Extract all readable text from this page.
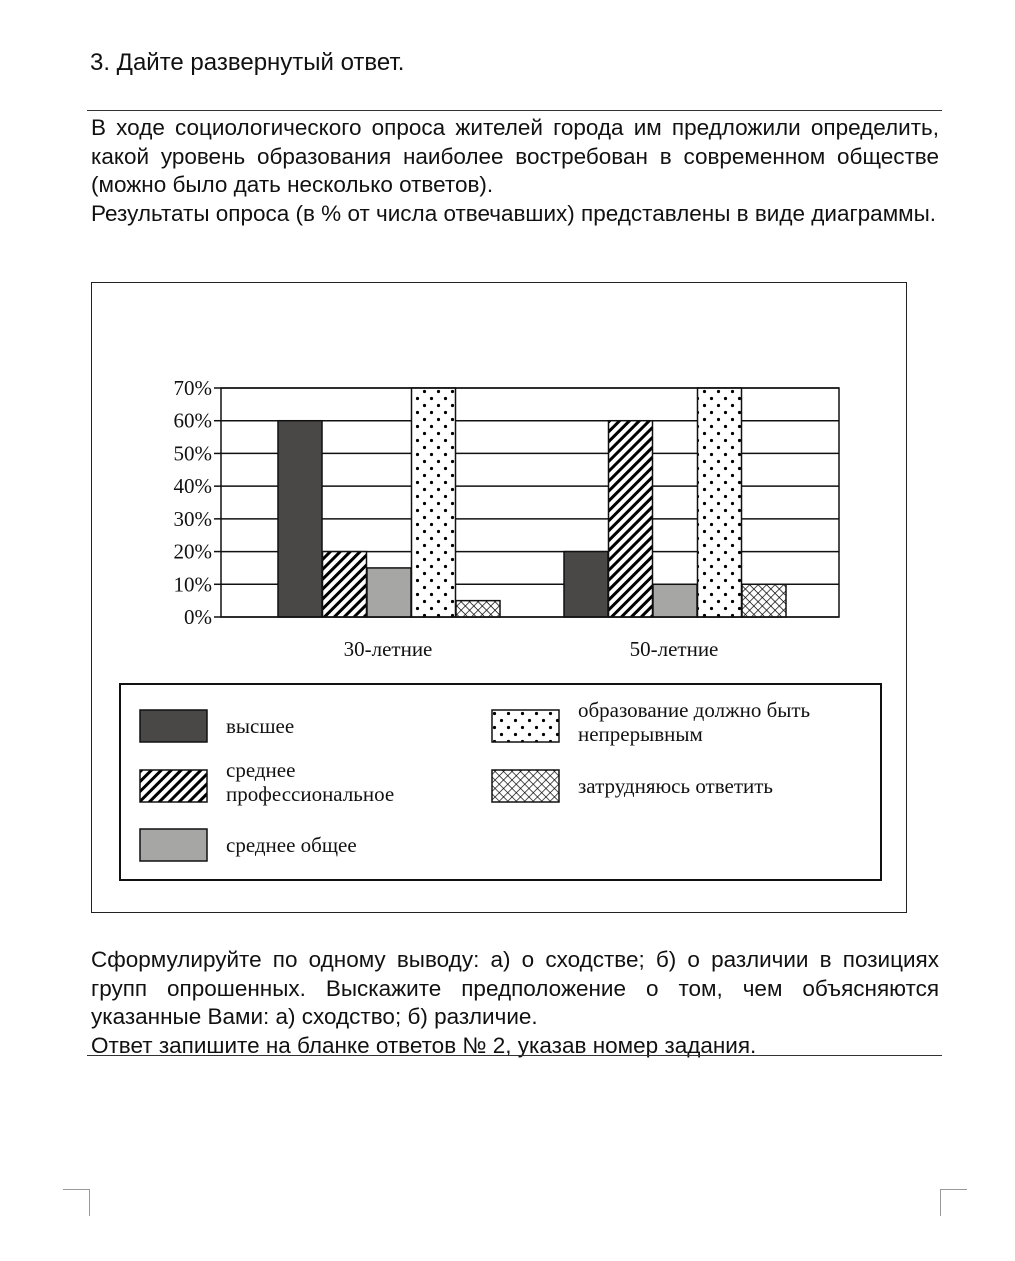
3. Дайте развернутый ответ.

В ходе социологического опроса жителей города им предложили определить, какой уровень образования наиболее востребован в современном обществе (можно было дать несколько ответов).

Результаты опроса (в % от числа отвечавших) представлены в виде диаграммы.

0%
10%
20%
30%
40%
50%
60%
70%
30-летние	50-летние
высшее
среднее профессиональное
среднее общее
образование должно быть непрерывным
затрудняюсь ответить

Сформулируйте по одному выводу: а) о сходстве; б) о различии в позициях групп опрошенных. Выскажите предположение о том, чем объясняются указанные Вами: а) сходство; б) различие.

Ответ запишите на бланке ответов № 2, указав номер задания.
